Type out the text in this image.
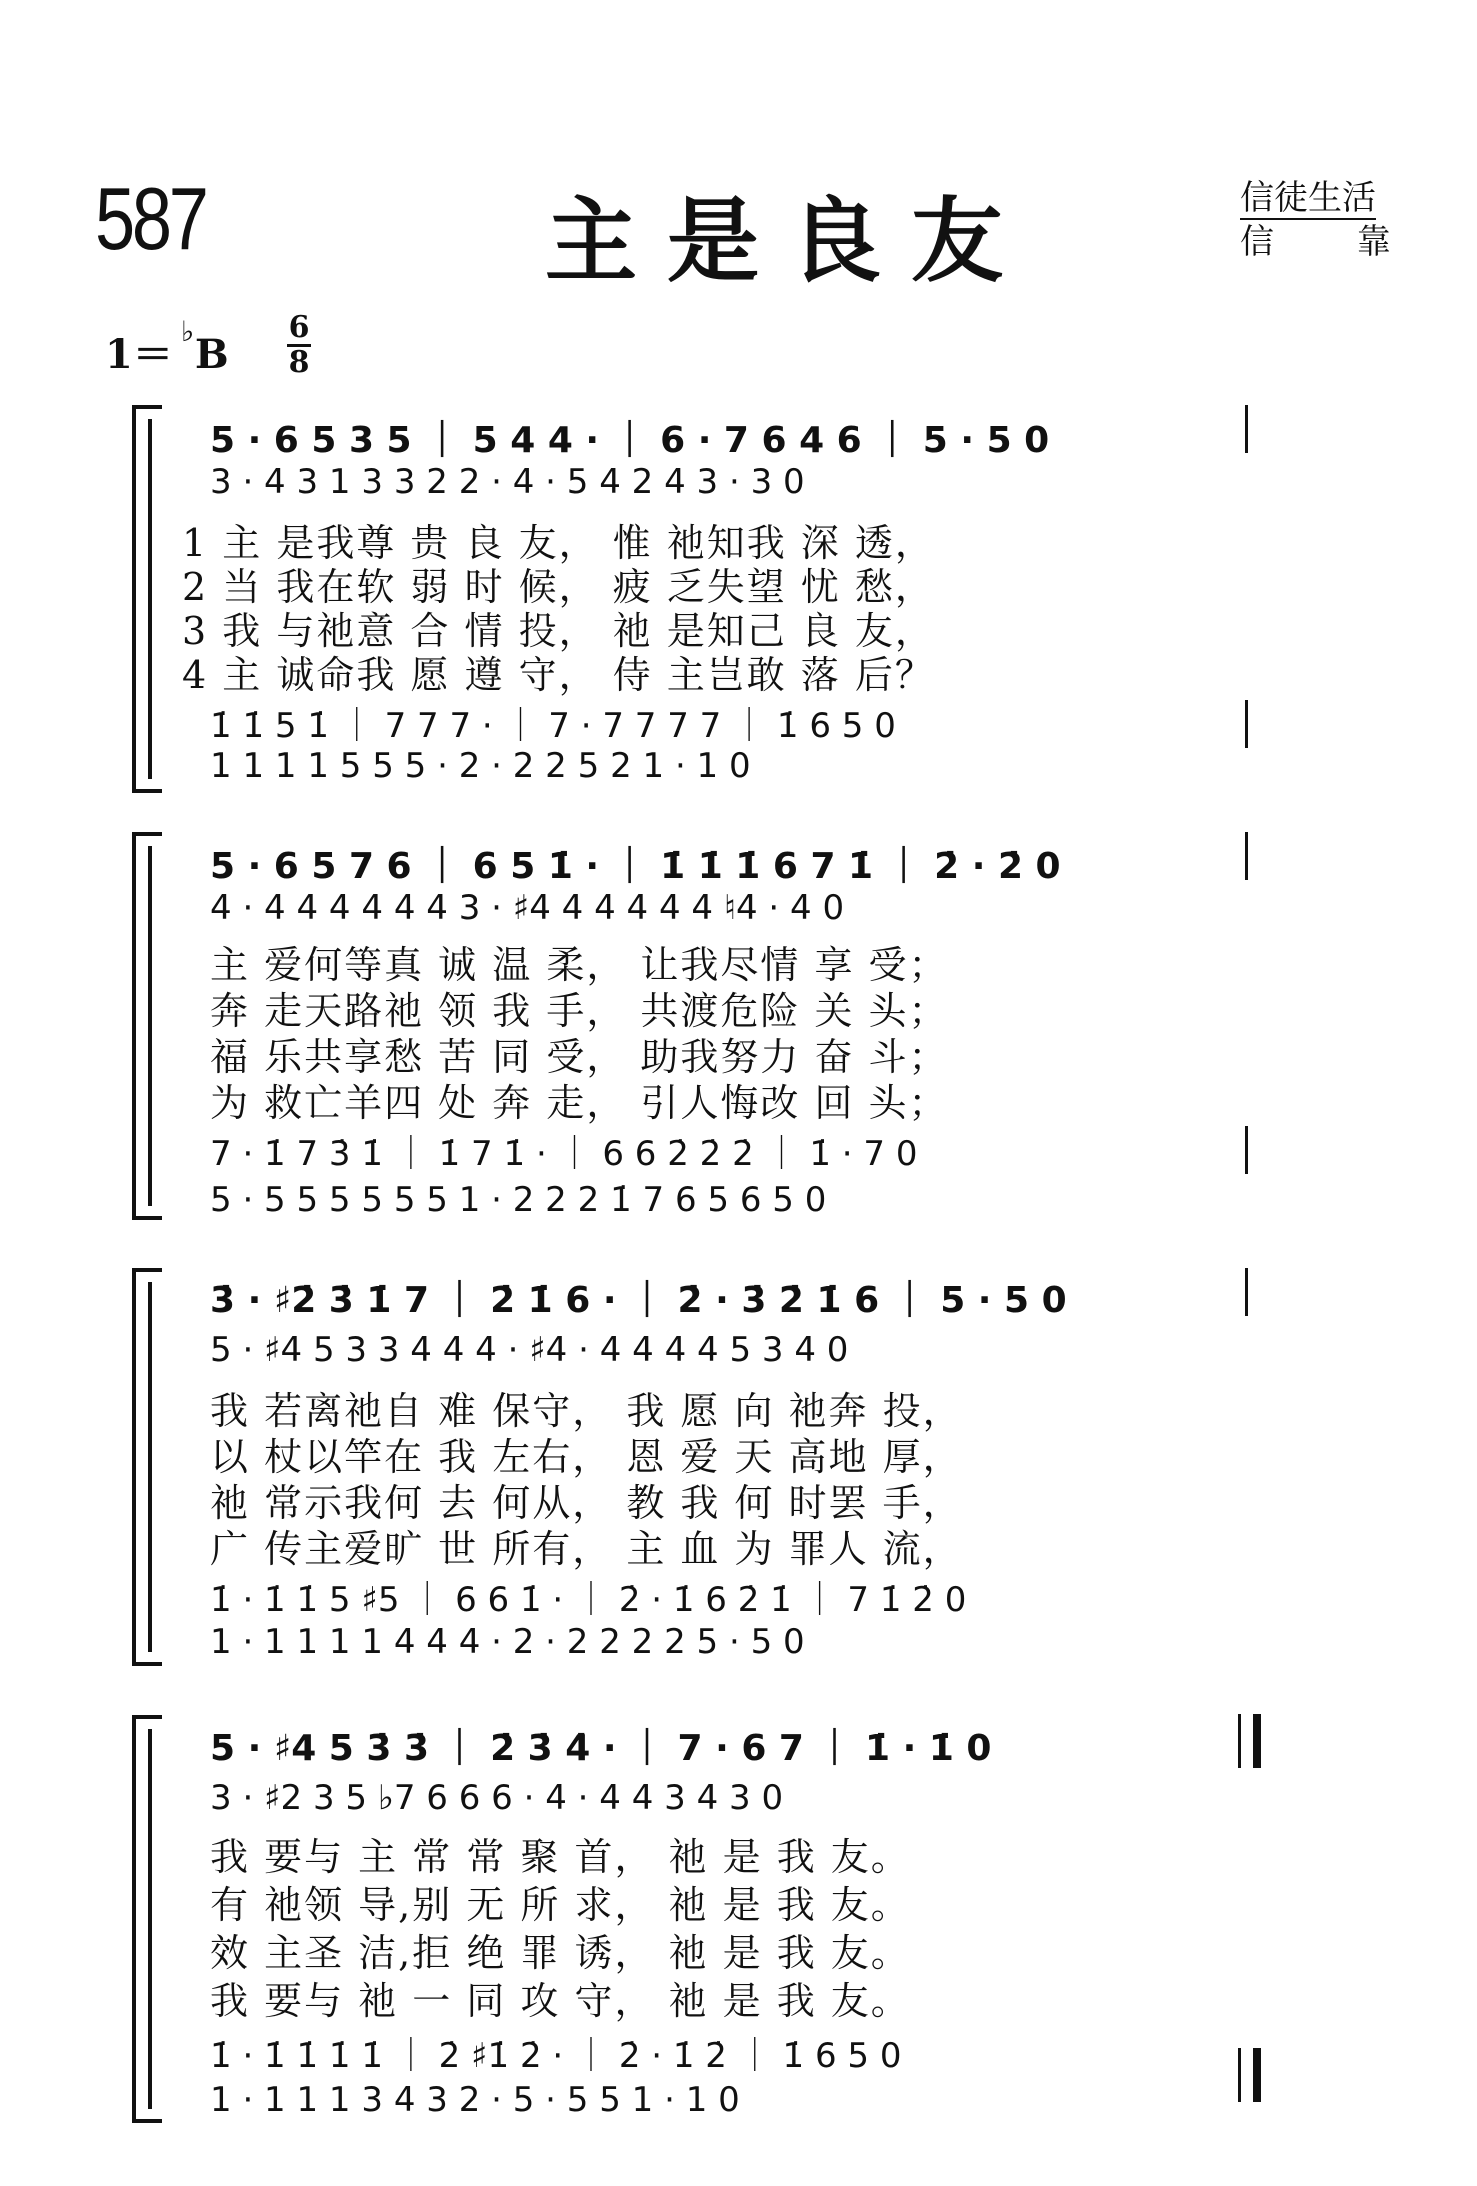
587	主是良友	信徒生活
信 靠
1＝ B
♭	6
8
5 · 6 5 3 5 ｜ 5 4 4 · ｜ 6 · 7 6 4 6 ｜ 5 · 5 0
3 · 4 3 1 3 3 2 2 · 4 · 5 4 2 4 3 · 3 0
1 主 是我尊 贵 良 友， 惟 祂知我 深 透，
2 当 我在软 弱 时 候， 疲 乏失望 忧 愁，
3 我 与祂意 合 情 投， 祂 是知己 良 友，
4 主 诚命我 愿 遵 守， 侍 主岂敢 落 后？
1̇ 1̇ 5 1̇ ｜ 7 7 7 · ｜ 7 · 7 7 7 7 ｜ 1̇ 6 5 0
1 1 1 1 5 5 5 · 2 · 2 2 5 2 1 · 1 0
5 · 6 5 7 6 ｜ 6 5 1̇ · ｜ 1̇ 1̇ 1̇ 6 7 1̇ ｜ 2̇ · 2̇ 0
4 · 4 4 4 4 4 4 3 · ♯4 4 4 4 4 4 ♮4 · 4 0
主 爱何等真 诚 温 柔， 让我尽情 享 受；
奔 走天路祂 领 我 手， 共渡危险 关 头；
福 乐共享愁 苦 同 受， 助我努力 奋 斗；
为 救亡羊四 处 奔 走， 引人悔改 回 头；
7 · 1̇ 7 3̇ 1̇ ｜ 1̇ 7 1̇ · ｜ 6 6 2̇ 2̇ 2̇ ｜ 1̇ · 7 0
5 · 5 5 5 5 5 5 1 · 2 2 2 1̇ 7 6 5 6 5 0
3̇ · ♯2̇ 3̇ 1̇ 7 ｜ 2̇ 1̇ 6 · ｜ 2̇ · 3̇ 2̇ 1̇ 6 ｜ 5 · 5 0
5 · ♯4 5 3 3 4 4 4 · ♯4 · 4 4 4 4 5 3 4 0
我 若离祂自 难 保守， 我 愿 向 祂奔 投，
以 杖以竿在 我 左右， 恩 爱 天 高地 厚，
祂 常示我何 去 何从， 教 我 何 时罢 手，
广 传主爱旷 世 所有， 主 血 为 罪人 流，
1̇ · 1̇ 1̇ 5 ♯5 ｜ 6 6 1̇ · ｜ 2̇ · 1̇ 6 2̇ 1̇ ｜ 7 1̇ 2̇ 0
1 · 1 1 1 1 4 4 4 · 2 · 2 2 2 2 5 · 5 0
5 · ♯4 5 3̇ 3̇ ｜ 2̇ 3̇ 4̇ · ｜ 7 · 6 7 ｜ 1̇ · 1̇ 0
3 · ♯2 3 5 ♭7 6 6 6 · 4 · 4 4 3 4 3 0
我 要与 主 常 常 聚 首， 祂 是 我 友。
有 祂领 导,别 无 所 求， 祂 是 我 友。
效 主圣 洁,拒 绝 罪 诱， 祂 是 我 友。
我 要与 祂 一 同 攻 守， 祂 是 我 友。
1̇ · 1̇ 1̇ 1̇ 1̇ ｜ 2̇ ♯1̇ 2̇ · ｜ 2̇ · 1̇ 2̇ ｜ 1̇ 6 5 0
1 · 1 1 1 3 4 3 2 · 5 · 5 5 1 · 1 0
